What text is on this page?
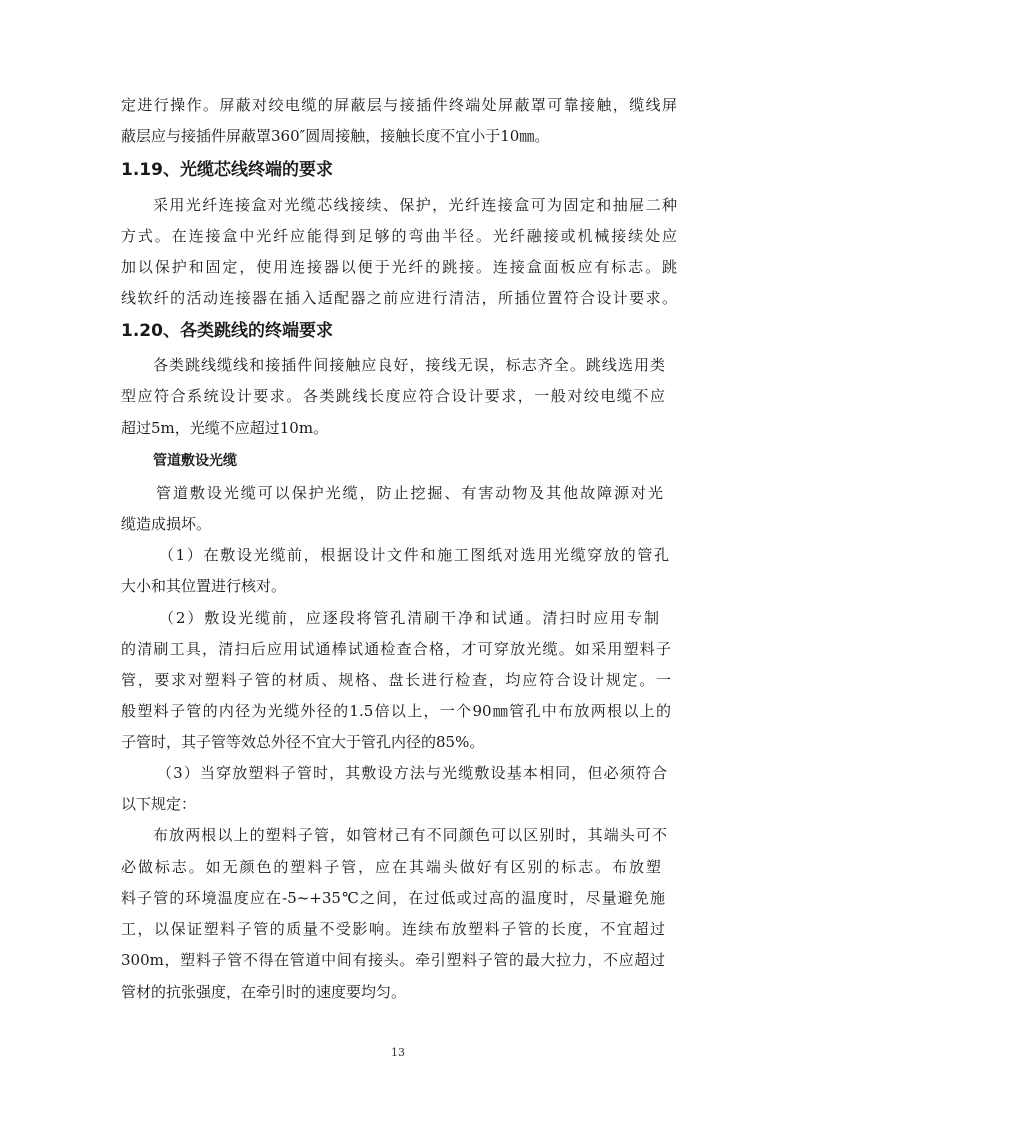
定进行操作。屏蔽对绞电缆的屏蔽层与接插件终端处屏蔽罩可靠接触，缆线屏
蔽层应与接插件屏蔽罩360″圆周接触，接触长度不宜小于10㎜。
1.19、光缆芯线终端的要求
采用光纤连接盒对光缆芯线接续、保护，光纤连接盒可为固定和抽屉二种
方式。在连接盒中光纤应能得到足够的弯曲半径。光纤融接或机械接续处应
加以保护和固定，使用连接器以便于光纤的跳接。连接盒面板应有标志。跳
线软纤的活动连接器在插入适配器之前应进行清洁，所插位置符合设计要求。
1.20、各类跳线的终端要求
各类跳线缆线和接插件间接触应良好，接线无误，标志齐全。跳线选用类
型应符合系统设计要求。各类跳线长度应符合设计要求，一般对绞电缆不应
超过5m，光缆不应超过10m。
管道敷设光缆
管道敷设光缆可以保护光缆，防止挖掘、有害动物及其他故障源对光
缆造成损坏。
（1）在敷设光缆前，根据设计文件和施工图纸对选用光缆穿放的管孔
大小和其位置进行核对。
（2）敷设光缆前，应逐段将管孔清刷干净和试通。清扫时应用专制
的清刷工具，清扫后应用试通棒试通检查合格，才可穿放光缆。如采用塑料子
管，要求对塑料子管的材质、规格、盘长进行检查，均应符合设计规定。一
般塑料子管的内径为光缆外径的1.5倍以上，一个90㎜管孔中布放两根以上的
子管时，其子管等效总外径不宜大于管孔内径的85%。
（3）当穿放塑料子管时，其敷设方法与光缆敷设基本相同，但必须符合
以下规定：
布放两根以上的塑料子管，如管材⼰有不同颜色可以区别时，其端头可不
必做标志。如无颜色的塑料子管，应在其端头做好有区别的标志。布放塑
料子管的环境温度应在-5~+35℃之间，在过低或过高的温度时，尽量避免施
工，以保证塑料子管的质量不受影响。连续布放塑料子管的长度，不宜超过
300m，塑料子管不得在管道中间有接头。牵引塑料子管的最大拉力，不应超过
管材的抗张强度，在牵引时的速度要均匀。
13
